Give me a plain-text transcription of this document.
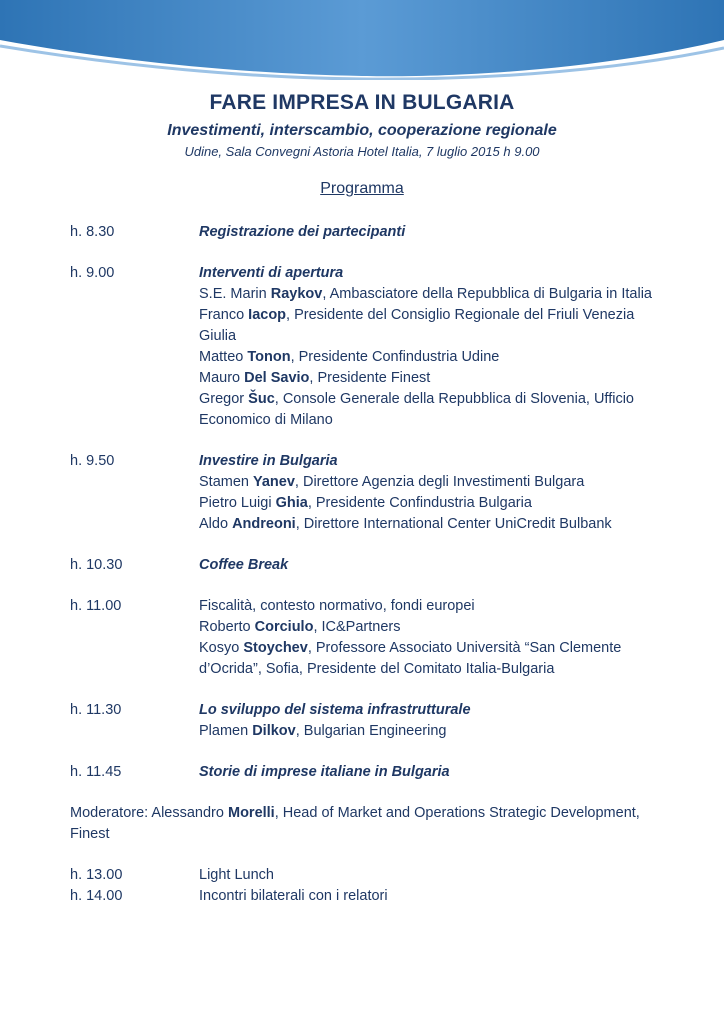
FARE IMPRESA IN BULGARIA
Investimenti, interscambio, cooperazione regionale
Udine, Sala Convegni Astoria Hotel Italia, 7 luglio 2015 h 9.00
Programma
h. 8.30	Registrazione dei partecipanti
h. 9.00	Interventi di apertura
S.E. Marin Raykov, Ambasciatore della Repubblica di Bulgaria in Italia
Franco Iacop, Presidente del Consiglio Regionale del Friuli Venezia Giulia
Matteo Tonon, Presidente Confindustria Udine
Mauro Del Savio, Presidente Finest
Gregor Šuc, Console Generale della Repubblica di Slovenia, Ufficio Economico di Milano
h. 9.50	Investire in Bulgaria
Stamen Yanev, Direttore Agenzia degli Investimenti Bulgara
Pietro Luigi Ghia, Presidente Confindustria Bulgaria
Aldo Andreoni, Direttore International Center UniCredit Bulbank
h. 10.30	Coffee Break
h. 11.00	Fiscalità, contesto normativo, fondi europei
Roberto Corciulo, IC&Partners
Kosyo Stoychev, Professore Associato Università “San Clemente d’Ocrida”, Sofia, Presidente del Comitato Italia-Bulgaria
h. 11.30	Lo sviluppo del sistema infrastrutturale
Plamen Dilkov, Bulgarian Engineering
h. 11.45	Storie di imprese italiane in Bulgaria
Moderatore: Alessandro Morelli, Head of Market and Operations Strategic Development, Finest
h. 13.00	Light Lunch
h. 14.00	Incontri bilaterali con i relatori
